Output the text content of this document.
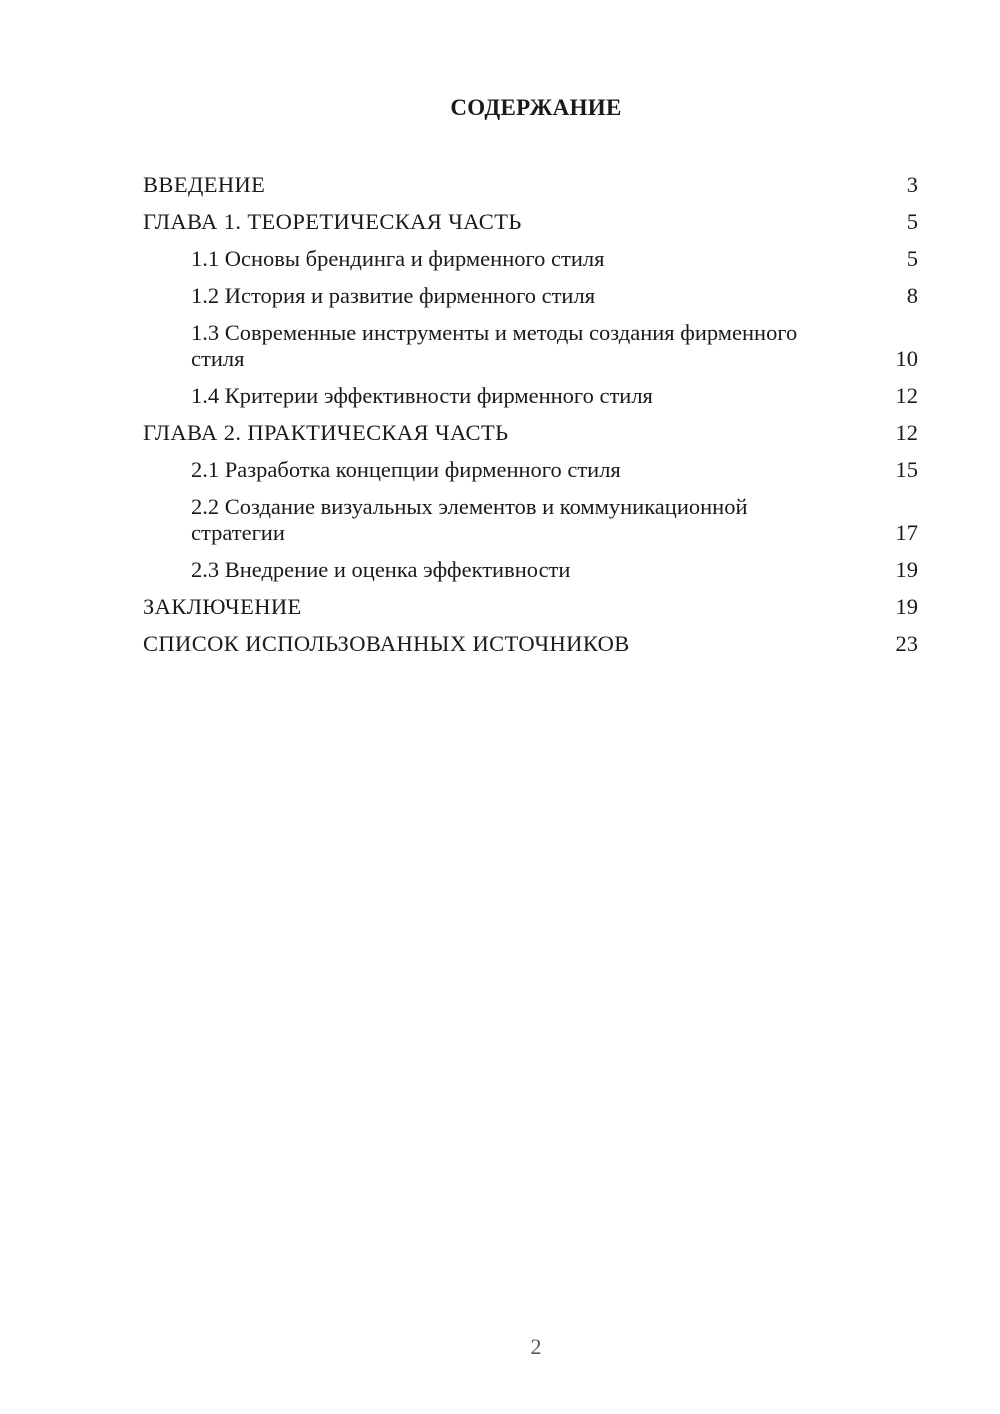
СОДЕРЖАНИЕ
ВВЕДЕНИЕ	3
ГЛАВА 1. ТЕОРЕТИЧЕСКАЯ ЧАСТЬ	5
1.1 Основы брендинга и фирменного стиля	5
1.2 История и развитие фирменного стиля	8
1.3 Современные инструменты и методы создания фирменного стиля	10
1.4 Критерии эффективности фирменного стиля	12
ГЛАВА 2. ПРАКТИЧЕСКАЯ ЧАСТЬ	12
2.1 Разработка концепции фирменного стиля	15
2.2 Создание визуальных элементов и коммуникационной стратегии	17
2.3 Внедрение и оценка эффективности	19
ЗАКЛЮЧЕНИЕ	19
СПИСОК ИСПОЛЬЗОВАННЫХ ИСТОЧНИКОВ	23
2
